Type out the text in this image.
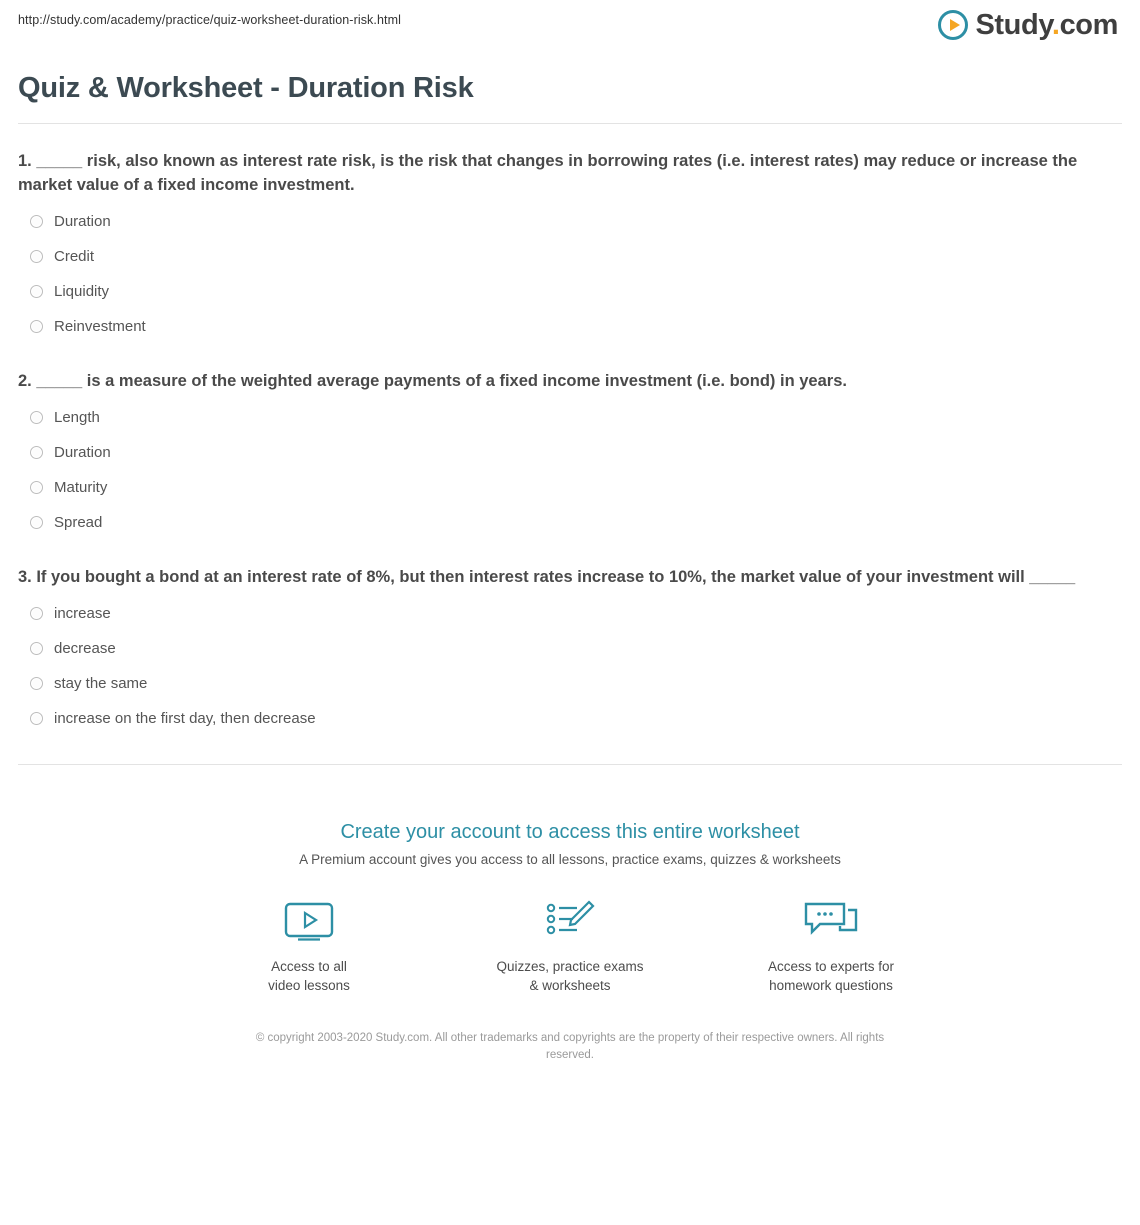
http://study.com/academy/practice/quiz-worksheet-duration-risk.html	Study.com
Quiz & Worksheet - Duration Risk

1. _____ risk, also known as interest rate risk, is the risk that changes in borrowing rates (i.e. interest rates) may reduce or increase the market value of a fixed income investment.

Duration
Credit
Liquidity
Reinvestment

2. _____ is a measure of the weighted average payments of a fixed income investment (i.e. bond) in years.

Length
Duration
Maturity
Spread

3. If you bought a bond at an interest rate of 8%, but then interest rates increase to 10%, the market value of your investment will _____

increase
decrease
stay the same
increase on the first day, then decrease

Create your account to access this entire worksheet

A Premium account gives you access to all lessons, practice exams, quizzes & worksheets

Access to all
video lessons
Quizzes, practice exams
& worksheets
Access to experts for
homework questions
© copyright 2003-2020 Study.com. All other trademarks and copyrights are the property of their respective owners. All rights reserved.
